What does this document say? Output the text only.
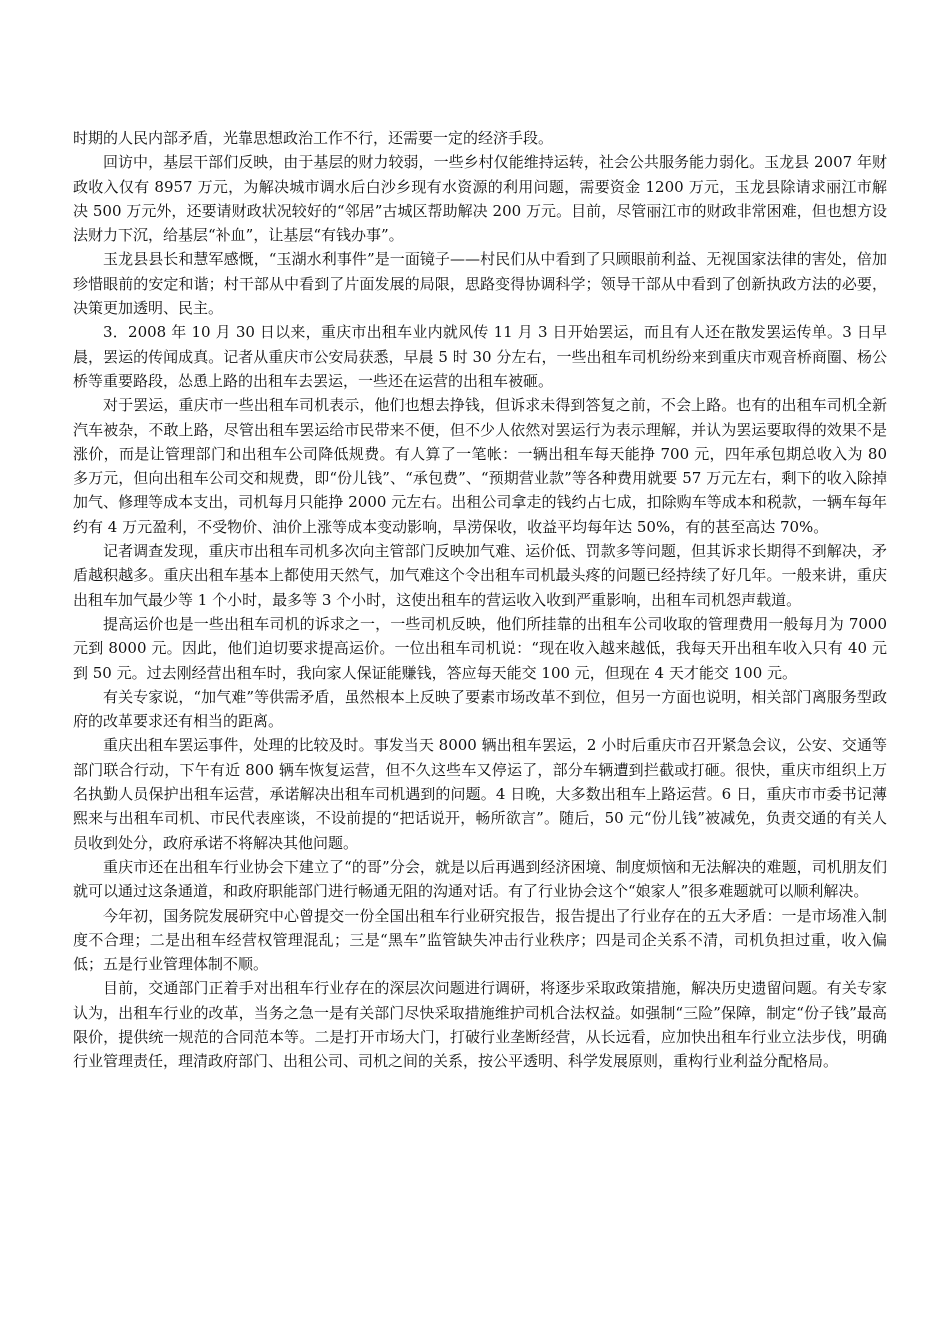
时期的人民内部矛盾，光靠思想政治工作不行，还需要一定的经济手段。

回访中，基层干部们反映，由于基层的财力较弱，一些乡村仅能维持运转，社会公共服务能力弱化。玉龙县 2007 年财政收入仅有 8957 万元，为解决城市调水后白沙乡现有水资源的利用问题，需要资金 1200 万元，玉龙县除请求丽江市解决 500 万元外，还要请财政状况较好的“邻居”古城区帮助解决 200 万元。目前，尽管丽江市的财政非常困难，但也想方设法财力下沉，给基层“补血”，让基层“有钱办事”。

玉龙县县长和慧军感慨，“玉湖水利事件”是一面镜子——村民们从中看到了只顾眼前利益、无视国家法律的害处，倍加珍惜眼前的安定和谐；村干部从中看到了片面发展的局限，思路变得协调科学；领导干部从中看到了创新执政方法的必要，决策更加透明、民主。

3．2008 年 10 月 30 日以来，重庆市出租车业内就风传 11 月 3 日开始罢运，而且有人还在散发罢运传单。3 日早晨，罢运的传闻成真。记者从重庆市公安局获悉，早晨 5 时 30 分左右，一些出租车司机纷纷来到重庆市观音桥商圈、杨公桥等重要路段，怂恿上路的出租车去罢运，一些还在运营的出租车被砸。

对于罢运，重庆市一些出租车司机表示，他们也想去挣钱，但诉求未得到答复之前，不会上路。也有的出租车司机全新汽车被杂，不敢上路，尽管出租车罢运给市民带来不便，但不少人依然对罢运行为表示理解，并认为罢运要取得的效果不是涨价，而是让管理部门和出租车公司降低规费。有人算了一笔帐：一辆出租车每天能挣 700 元，四年承包期总收入为 80 多万元，但向出租车公司交和规费，即“份儿钱”、“承包费”、“预期营业款”等各种费用就要 57 万元左右，剩下的收入除掉加气、修理等成本支出，司机每月只能挣 2000 元左右。出租公司拿走的钱约占七成，扣除购车等成本和税款，一辆车每年约有 4 万元盈利，不受物价、油价上涨等成本变动影响，旱涝保收，收益平均每年达 50%，有的甚至高达 70%。

记者调查发现，重庆市出租车司机多次向主管部门反映加气难、运价低、罚款多等问题，但其诉求长期得不到解决，矛盾越积越多。重庆出租车基本上都使用天然气，加气难这个令出租车司机最头疼的问题已经持续了好几年。一般来讲，重庆出租车加气最少等 1 个小时，最多等 3 个小时，这使出租车的营运收入收到严重影响，出租车司机怨声载道。

提高运价也是一些出租车司机的诉求之一，一些司机反映，他们所挂靠的出租车公司收取的管理费用一般每月为 7000 元到 8000 元。因此，他们迫切要求提高运价。一位出租车司机说：“现在收入越来越低，我每天开出租车收入只有 40 元到 50 元。过去刚经营出租车时，我向家人保证能赚钱，答应每天能交 100 元，但现在 4 天才能交 100 元。

有关专家说，“加气难”等供需矛盾，虽然根本上反映了要素市场改革不到位，但另一方面也说明，相关部门离服务型政府的改革要求还有相当的距离。

重庆出租车罢运事件，处理的比较及时。事发当天 8000 辆出租车罢运，2 小时后重庆市召开紧急会议，公安、交通等部门联合行动，下午有近 800 辆车恢复运营，但不久这些车又停运了，部分车辆遭到拦截或打砸。很快，重庆市组织上万名执勤人员保护出租车运营，承诺解决出租车司机遇到的问题。4 日晚，大多数出租车上路运营。6 日，重庆市市委书记薄熙来与出租车司机、市民代表座谈，不设前提的“把话说开，畅所欲言”。随后，50 元“份儿钱”被减免，负责交通的有关人员收到处分，政府承诺不将解决其他问题。

重庆市还在出租车行业协会下建立了“的哥”分会，就是以后再遇到经济困境、制度烦恼和无法解决的难题，司机朋友们就可以通过这条通道，和政府职能部门进行畅通无阻的沟通对话。有了行业协会这个“娘家人”很多难题就可以顺利解决。

今年初，国务院发展研究中心曾提交一份全国出租车行业研究报告，报告提出了行业存在的五大矛盾：一是市场准入制度不合理；二是出租车经营权管理混乱；三是“黑车”监管缺失冲击行业秩序；四是司企关系不清，司机负担过重，收入偏低；五是行业管理体制不顺。

目前，交通部门正着手对出租车行业存在的深层次问题进行调研，将逐步采取政策措施，解决历史遗留问题。有关专家认为，出租车行业的改革，当务之急一是有关部门尽快采取措施维护司机合法权益。如强制“三险”保障，制定“份子钱”最高限价，提供统一规范的合同范本等。二是打开市场大门，打破行业垄断经营，从长远看，应加快出租车行业立法步伐，明确行业管理责任，理清政府部门、出租公司、司机之间的关系，按公平透明、科学发展原则，重构行业利益分配格局。
